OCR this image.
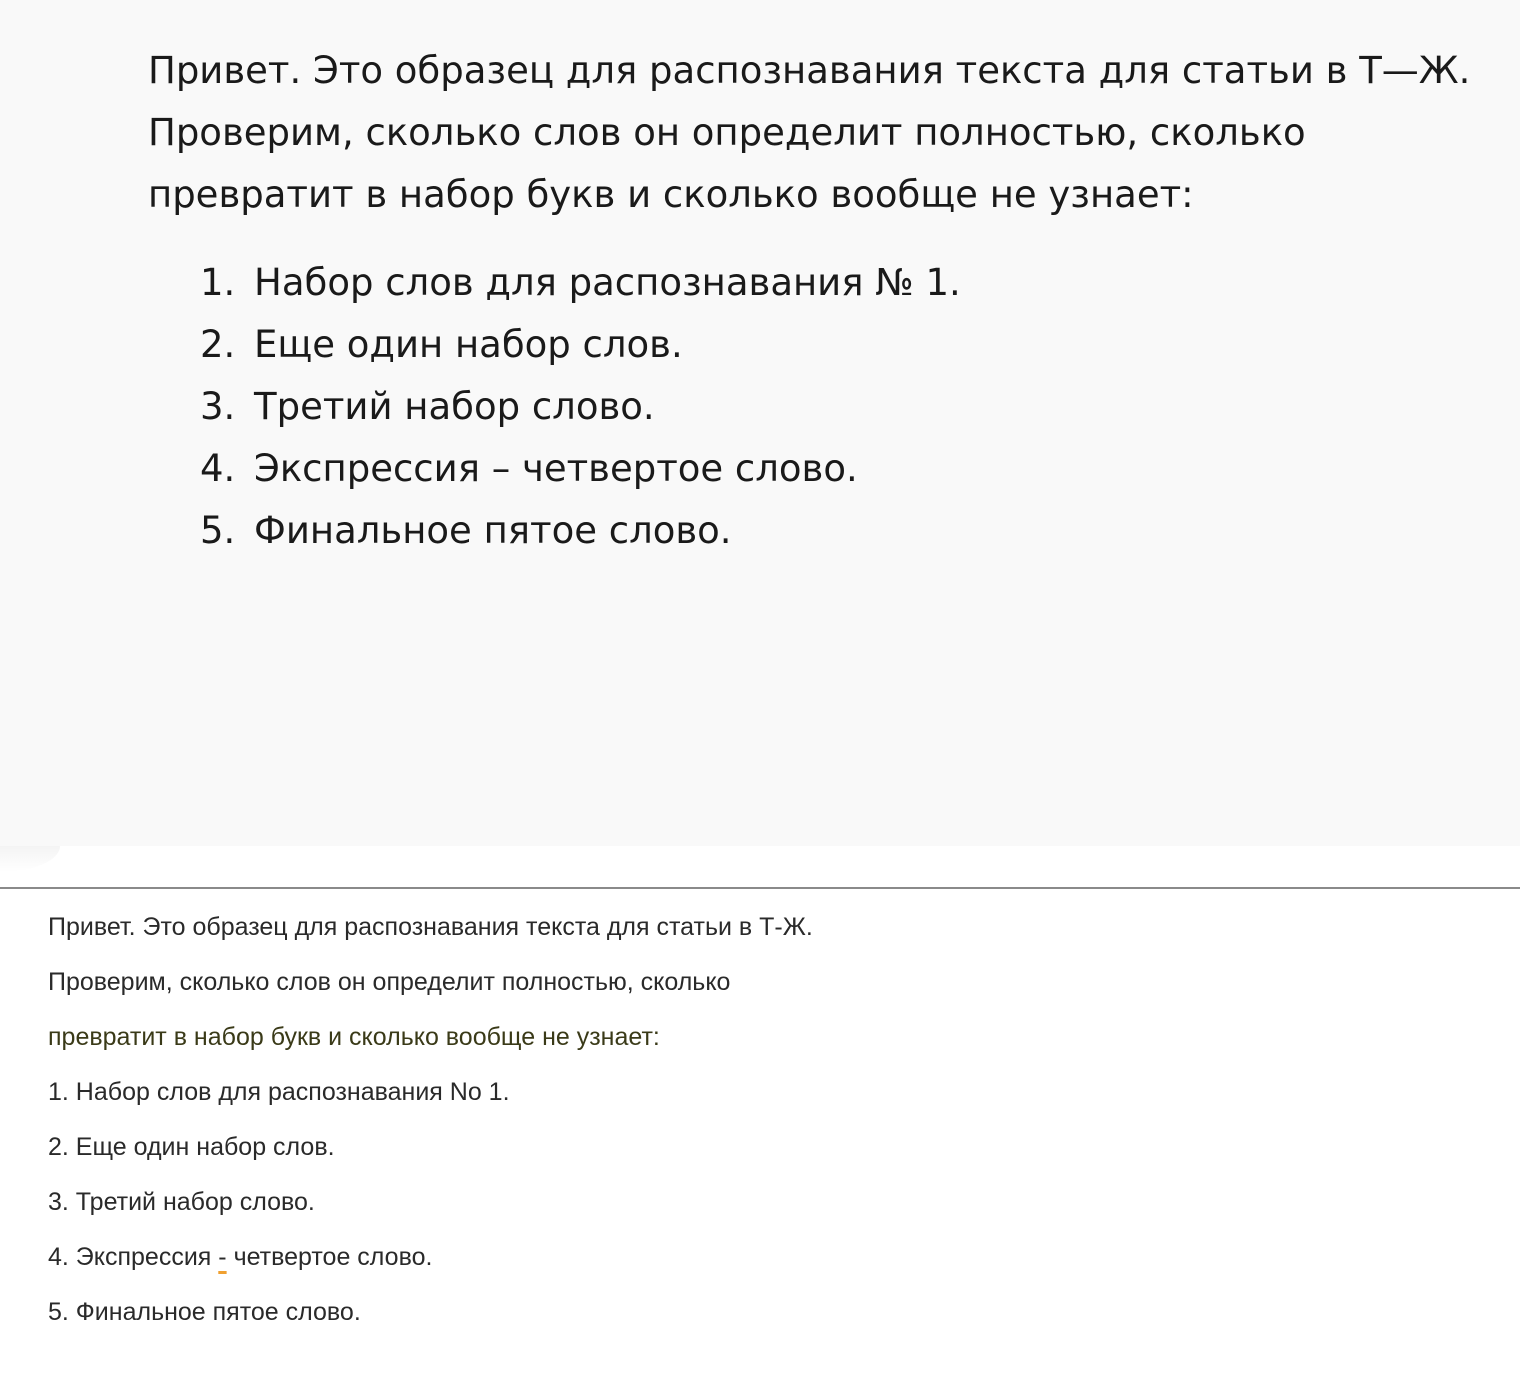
Привет. Это образец для распознавания текста для статьи в Т—Ж.
Проверим, сколько слов он определит полностью, сколько
превратит в набор букв и сколько вообще не узнает:

1. Набор слов для распознавания № 1.
2. Еще один набор слов.
3. Третий набор слово.
4. Экспрессия – четвертое слово.
5. Финальное пятое слово.
Привет. Это образец для распознавания текста для статьи в Т-Ж.
Проверим, сколько слов он определит полностью, сколько
превратит в набор букв и сколько вообще не узнает:
1. Набор слов для распознавания No 1.
2. Еще один набор слов.
3. Третий набор слово.
4. Экспрессия - четвертое слово.
5. Финальное пятое слово.
